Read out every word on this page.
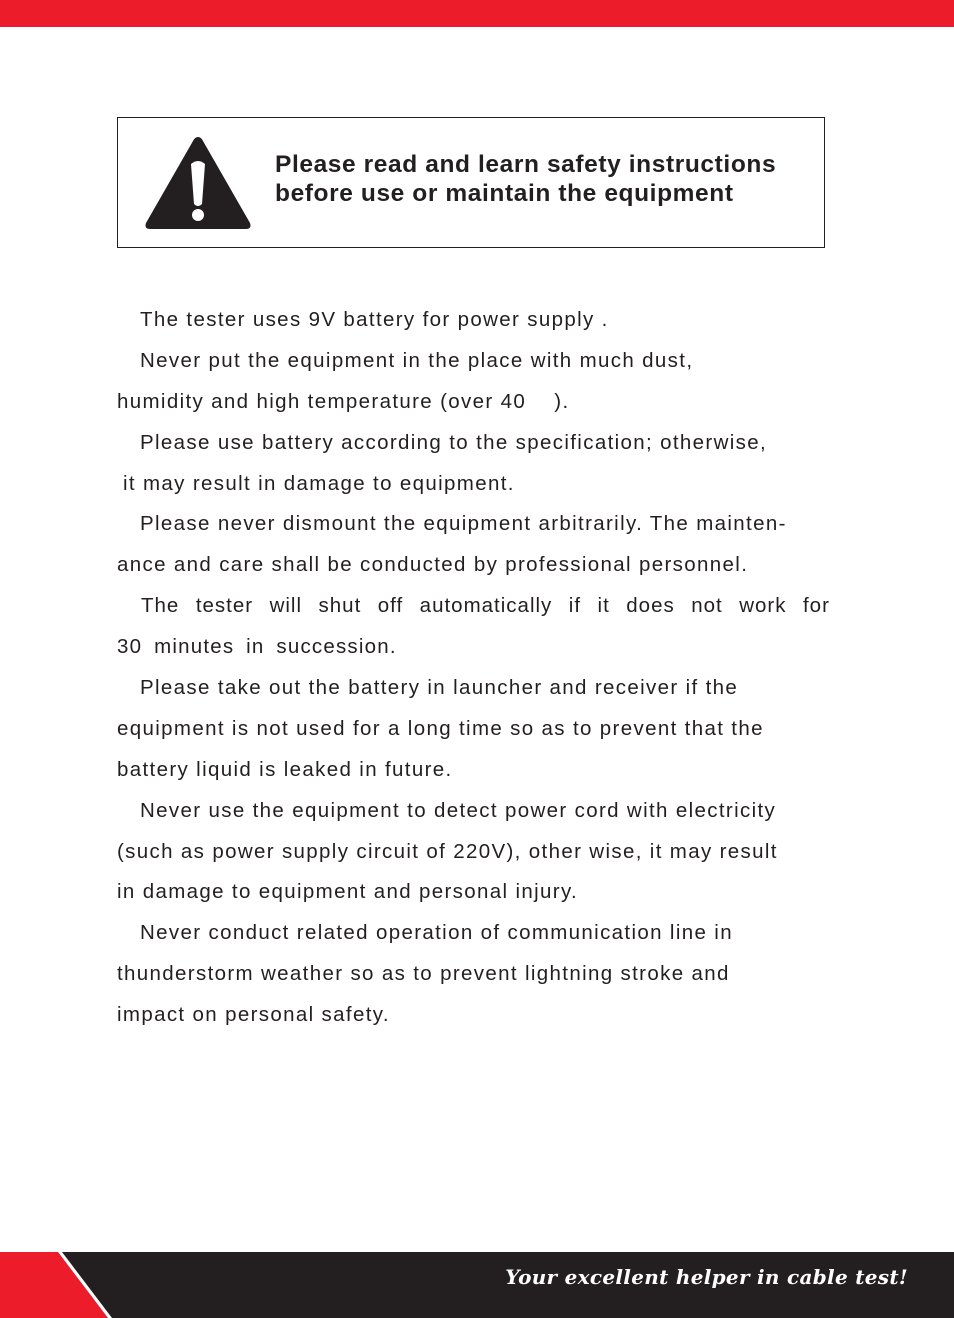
Please read and learn safety instructions
before use or maintain the equipment
The tester uses 9V battery for power supply .
Never put the equipment in the place with much dust,
humidity and high temperature (over 40    ).
Please use battery according to the specification; otherwise,
it may result in damage to equipment.
Please never dismount the equipment arbitrarily. The mainten-
ance and care shall be conducted by professional personnel.
The tester will shut off automatically if it does not work for
30 minutes in succession.
Please take out the battery in launcher and receiver if the
equipment is not used for a long time so as to prevent that the
battery liquid is leaked in future.
Never use the equipment to detect power cord with electricity
(such as power supply circuit of 220V), other wise, it may result
in damage to equipment and personal injury.
Never conduct related operation of communication line in
thunderstorm weather so as to prevent lightning stroke and
impact on personal safety.
Your excellent helper in cable test!
